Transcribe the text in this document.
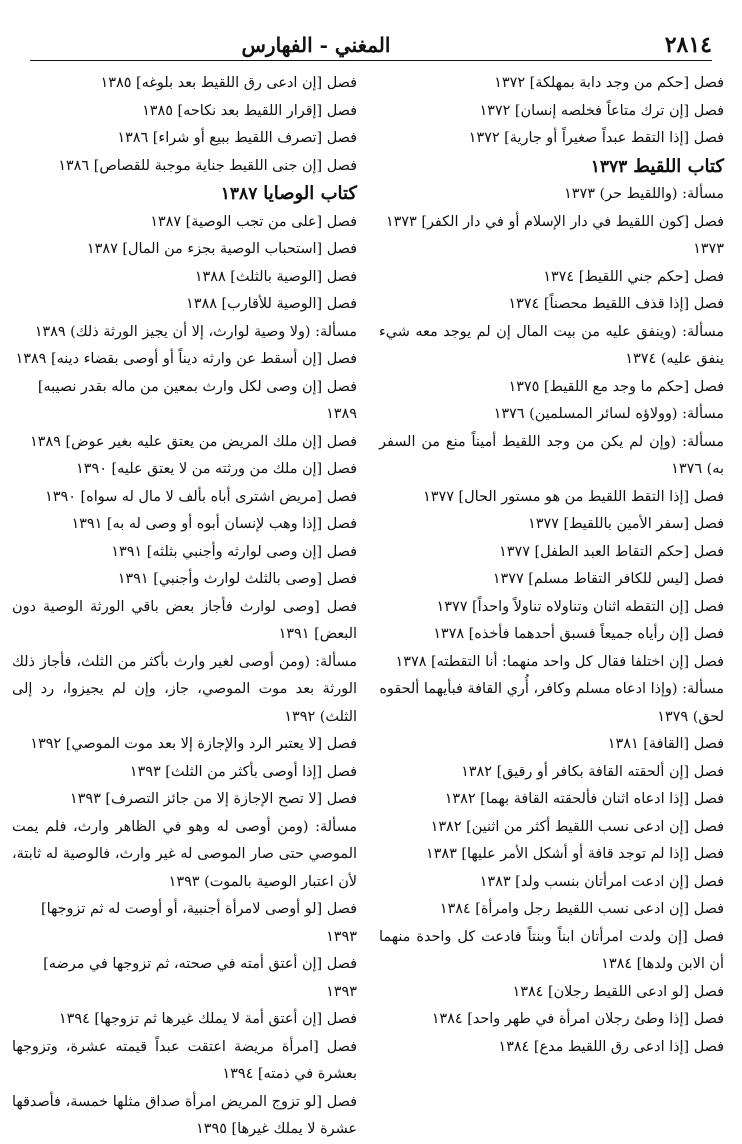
٢٨١٤
المغني - الفهارس

فصل [حكم من وجد دابة بمهلكة] ١٣٧٢

فصل [إن ترك متاعاً فخلصه إنسان] ١٣٧٢

فصل [إذا التقط عبداً صغيراً أو جارية] ١٣٧٢

كتاب اللقيط ١٣٧٣

مسألة: (واللقيط حر) ١٣٧٣

فصل [كون اللقيط في دار الإسلام أو في دار الكفر] ١٣٧٣ ١٣٧٣

فصل [حكم جني اللقيط] ١٣٧٤

فصل [إذا قذف اللقيط محصناً] ١٣٧٤

مسألة: (وينفق عليه من بيت المال إن لم يوجد معه شيء ينفق عليه) ١٣٧٤

فصل [حكم ما وجد مع اللقيط] ١٣٧٥

مسألة: (وولاؤه لسائر المسلمين) ١٣٧٦

مسألة: (وإن لم يكن من وجد اللقيط أميناً منع من السفر به) ١٣٧٦

فصل [إذا التقط اللقيط من هو مستور الحال] ١٣٧٧

فصل [سفر الأمين باللقيط] ١٣٧٧

فصل [حكم التقاط العبد الطفل] ١٣٧٧

فصل [ليس للكافر التقاط مسلم] ١٣٧٧

فصل [إن التقطه اثنان وتناولاه تناولاً واحداً] ١٣٧٧

فصل [إن رأياه جميعاً فسبق أحدهما فأخذه] ١٣٧٨

فصل [إن اختلفا فقال كل واحد منهما: أنا التقطته] ١٣٧٨

مسألة: (وإذا ادعاه مسلم وكافر، أُري القافة فبأيهما ألحقوه لحق) ١٣٧٩

فصل [القافة] ١٣٨١

فصل [إن ألحقته القافة بكافر أو رقيق] ١٣٨٢

فصل [إذا ادعاه اثنان فألحقته القافة بهما] ١٣٨٢

فصل [إن ادعى نسب اللقيط أكثر من اثنين] ١٣٨٢

فصل [إذا لم توجد قافة أو أشكل الأمر عليها] ١٣٨٣

فصل [إن ادعت امرأتان بنسب ولد] ١٣٨٣

فصل [إن ادعى نسب اللقيط رجل وامرأة] ١٣٨٤

فصل [إن ولدت امرأتان ابناً وبنتاً فادعت كل واحدة منهما أن الابن ولدها] ١٣٨٤

فصل [لو ادعى اللقيط رجلان] ١٣٨٤

فصل [إذا وطئ رجلان امرأة في طهر واحد] ١٣٨٤

فصل [إذا ادعى رق اللقيط مدع] ١٣٨٤

فصل [إن ادعى رق اللقيط بعد بلوغه] ١٣٨٥

فصل [إقرار اللقيط بعد نكاحه] ١٣٨٥

فصل [تصرف اللقيط ببيع أو شراء] ١٣٨٦

فصل [إن جنى اللقيط جناية موجبة للقصاص] ١٣٨٦

كتاب الوصايا ١٣٨٧

فصل [على من تجب الوصية] ١٣٨٧

فصل [استحباب الوصية بجزء من المال] ١٣٨٧

فصل [الوصية بالثلث] ١٣٨٨

فصل [الوصية للأقارب] ١٣٨٨

مسألة: (ولا وصية لوارث، إلا أن يجيز الورثة ذلك) ١٣٨٩

فصل [إن أسقط عن وارثه ديناً أو أوصى بقضاء دينه] ١٣٨٩

فصل [إن وصى لكل وارث بمعين من ماله بقدر نصيبه] ١٣٨٩

فصل [إن ملك المريض من يعتق عليه بغير عوض] ١٣٨٩

فصل [إن ملك من ورثته من لا يعتق عليه] ١٣٩٠

فصل [مريض اشترى أباه بألف لا مال له سواه] ١٣٩٠

فصل [إذا وهب لإنسان أبوه أو وصى له به] ١٣٩١

فصل [إن وصى لوارثه وأجنبي بثلثه] ١٣٩١

فصل [وصى بالثلث لوارث وأجنبي] ١٣٩١

فصل [وصى لوارث فأجاز بعض باقي الورثة الوصية دون البعض] ١٣٩١

مسألة: (ومن أوصى لغير وارث بأكثر من الثلث، فأجاز ذلك الورثة بعد موت الموصي، جاز، وإن لم يجيزوا، رد إلى الثلث) ١٣٩٢

فصل [لا يعتبر الرد والإجازة إلا بعد موت الموصي] ١٣٩٢

فصل [إذا أوصى بأكثر من الثلث] ١٣٩٣

فصل [لا تصح الإجازة إلا من جائز التصرف] ١٣٩٣

مسألة: (ومن أوصى له وهو في الظاهر وارث، فلم يمت الموصي حتى صار الموصى له غير وارث، فالوصية له ثابتة، لأن اعتبار الوصية بالموت) ١٣٩٣

فصل [لو أوصى لامرأة أجنبية، أو أوصت له ثم تزوجها] ١٣٩٣

فصل [إن أعتق أمته في صحته، ثم تزوجها في مرضه] ١٣٩٣

فصل [إن أعتق أمة لا يملك غيرها ثم تزوجها] ١٣٩٤

فصل [امرأة مريضة اعتقت عبداً قيمته عشرة، وتزوجها بعشرة في ذمته] ١٣٩٤

فصل [لو تزوج المريض امرأة صداق مثلها خمسة، فأصدقها عشرة لا يملك غيرها] ١٣٩٥
